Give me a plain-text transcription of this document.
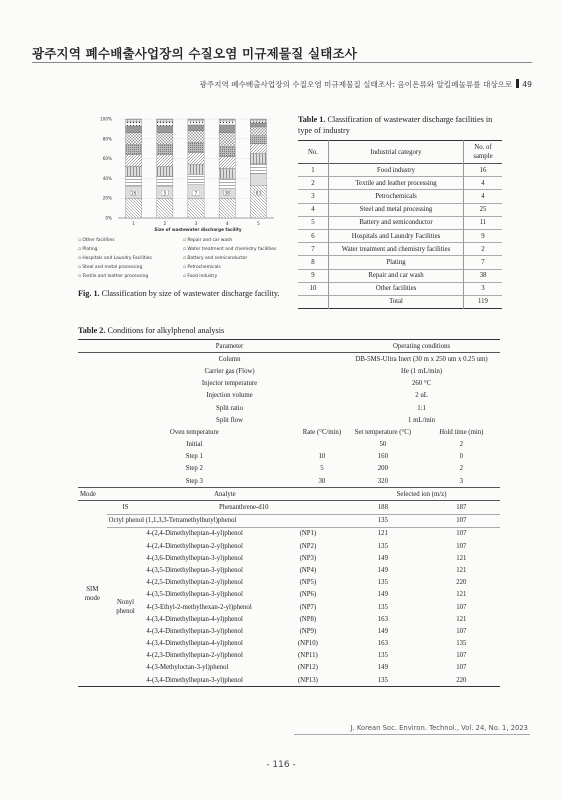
광주지역 폐수배출사업장의 수질오염 미규제물질 실태조사
광주지역 폐수배출사업장의 수질오염 미규제물질 실태조사: 옴이온류와 알킬페놀류를 대상으로 49
0%
20%
40%
60%
80%
100%
1	2	3	4	5
16	5	7	38	83
Size of wastewater discharge facility
▫ Other facilities	▫ Repair and car wash
▫ Plating	▫ Water treatment and chemistry facilities
▫ Hospitals and Laundry Facilities	▫ Battery and semiconductor
▫ Steel and metal processing	▫ Petrochemicals
▫ Textile and leather processing	▫ Food industry
Fig. 1. Classification by size of wastewater discharge facility.
Table 1. Classification of wastewater discharge facilities in type of industry
No.	Industrial category	No. of sample
1	Food industry	16
2	Textile and leather processing	4
3	Petrochemicals	4
4	Steel and metal processing	25
5	Battery and semiconductor	11
6	Hospitals and Laundry Facilities	9
7	Water treatment and chemistry facilities	2
8	Plating	7
9	Repair and car wash	38
10	Other facilities	3
	Total	119
Table 2. Conditions for alkylphenol analysis
Parameter				Operating conditions	
Column				DB-5MS-Ultra Inert (30 m x 250 um x 0.25 um)	
Carrier gas (Flow)				He (1 mL/min)	
Injector temperature				260 °C	
Injection volume				2 uL	
Split ratio				1:1	
Split flow				1 mL/min	
Oven temperature			Rate (°C/min)	Set temperature (°C)	Hold time (min)
Initial				50	2
Step 1			10	160	0
Step 2			5	200	2
Step 3			30	320	3
Mode	Analyte			Selected ion (m/z)	
SIM mode	IS	Phenanthrene-d10		188	187
	Octyl phenol (1,1,3,3-Tetramethylbutyl)phenol			135	107
	Nonyl phenol	4-(2,4-Dimethylheptan-4-yl)phenol	(NP1)	121	107
		4-(2,4-Dimethylheptan-2-yl)phenol	(NP2)	135	107
		4-(3,6-Dimethylheptan-3-yl)phenol	(NP3)	149	121
		4-(3,5-Dimethylheptan-3-yl)phenol	(NP4)	149	121
		4-(2,5-Dimethylheptan-2-yl)phenol	(NP5)	135	220
		4-(3,5-Dimethylheptan-3-yl)phenol	(NP6)	149	121
		4-(3-Ethyl-2-methylhexan-2-yl)phenol	(NP7)	135	107
		4-(3,4-Dimethylheptan-4-yl)phenol	(NP8)	163	121
		4-(3,4-Dimethylheptan-3-yl)phenol	(NP9)	149	107
		4-(3,4-Dimethylheptan-4-yl)phenol	(NP10)	163	135
		4-(2,3-Dimethylheptan-2-yl)phenol	(NP11)	135	107
		4-(3-Methyloctan-3-yl)phenol	(NP12)	149	107
		4-(3,4-Dimethylheptan-3-yl)phenol	(NP13)	135	220
J. Korean Soc. Environ. Technol., Vol. 24, No. 1, 2023
- 116 -
